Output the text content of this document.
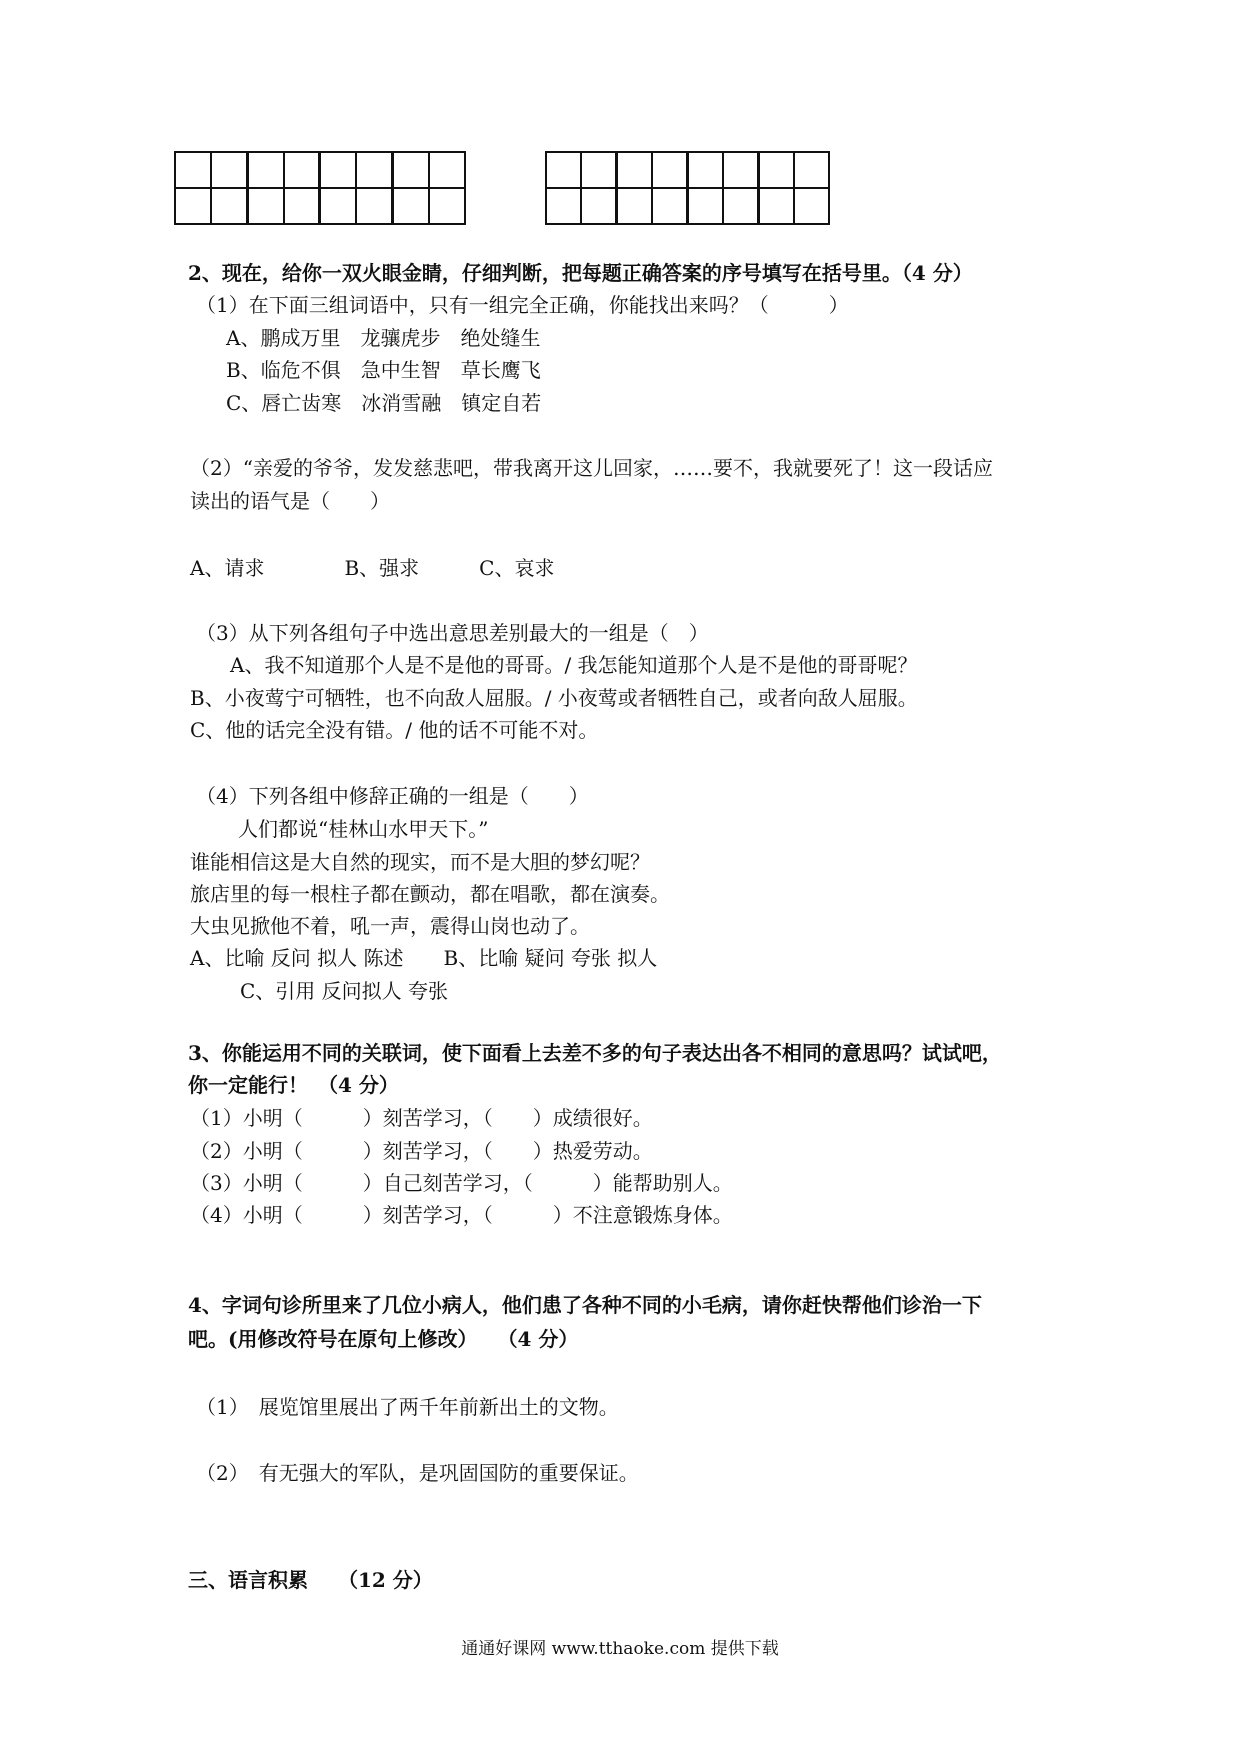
2、现在，给你一双火眼金睛，仔细判断，把每题正确答案的序号填写在括号里。（4 分）
（1）在下面三组词语中，只有一组完全正确，你能找出来吗？（　　　）
A、鹏成万里　龙骧虎步　绝处缝生
B、临危不俱　急中生智　草长鹰飞
C、唇亡齿寒　冰消雪融　镇定自若
（2）“亲爱的爷爷，发发慈悲吧，带我离开这儿回家，……要不，我就要死了！这一段话应
读出的语气是（　　）
A、请求　　　　B、强求　　　C、哀求
（3）从下列各组句子中选出意思差别最大的一组是（　）
A、我不知道那个人是不是他的哥哥。/ 我怎能知道那个人是不是他的哥哥呢？
B、小夜莺宁可牺牲，也不向敌人屈服。/ 小夜莺或者牺牲自己，或者向敌人屈服。
C、他的话完全没有错。/ 他的话不可能不对。
（4）下列各组中修辞正确的一组是（　　）
人们都说“桂林山水甲天下。”
谁能相信这是大自然的现实，而不是大胆的梦幻呢？
旅店里的每一根柱子都在颤动，都在唱歌，都在演奏。
大虫见掀他不着，吼一声，震得山岗也动了。
A、比喻 反问 拟人 陈述　　B、比喻 疑问 夸张 拟人
C、引用 反问拟人 夸张
3、你能运用不同的关联词，使下面看上去差不多的句子表达出各不相同的意思吗？试试吧，
你一定能行！　（4 分）
（1）小明（　　　）刻苦学习，（　　）成绩很好。
（2）小明（　　　）刻苦学习，（　　）热爱劳动。
（3）小明（　　　）自己刻苦学习，（　　　）能帮助别人。
（4）小明（　　　）刻苦学习，（　　　）不注意锻炼身体。
4、字词句诊所里来了几位小病人，他们患了各种不同的小毛病，请你赶快帮他们诊治一下
吧。(用修改符号在原句上修改）　　（4 分）
（1）　展览馆里展出了两千年前新出土的文物。
（2）　有无强大的军队，是巩固国防的重要保证。
三、语言积累　　（12 分）
通通好课网 www.tthaoke.com 提供下载
